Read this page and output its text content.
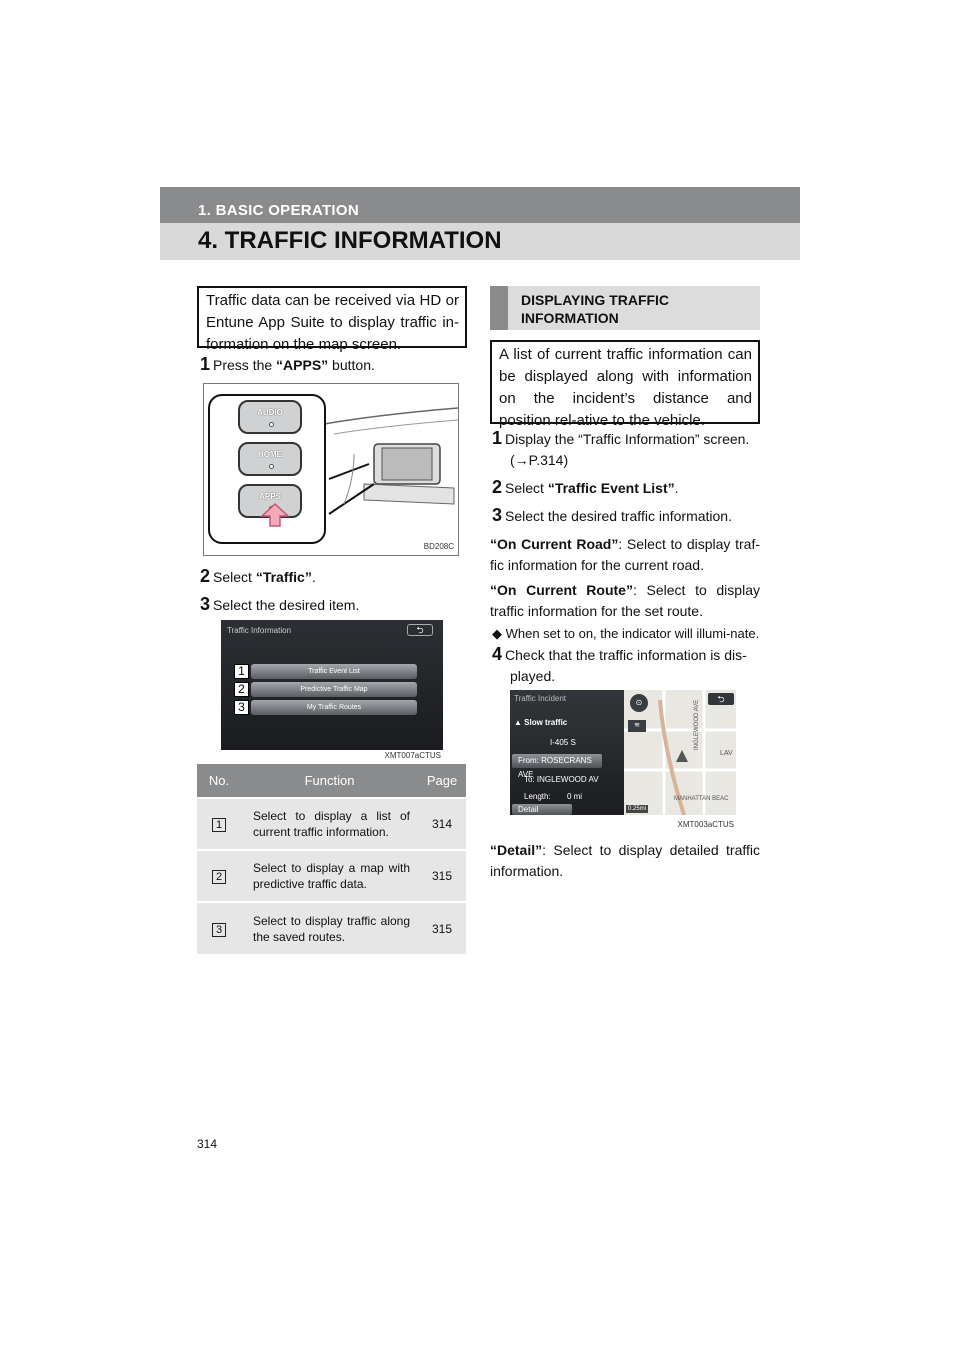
1. BASIC OPERATION
4. TRAFFIC INFORMATION
Traffic data can be received via HD or Entune App Suite to display traffic in-formation on the map screen.
1 Press the “APPS” button.
AUDIO
HOME
APPS
BD208C
2 Select “Traffic”.
3 Select the desired item.
Traffic Information	⮌
1	Traffic Event List
2	Predictive Traffic Map
3	My Traffic Routes
XMT007aCTUS
No.	Function	Page
1	Select to display a list of current traffic information.	314
2	Select to display a map with predictive traffic data.	315
3	Select to display traffic along the saved routes.	315
DISPLAYING TRAFFIC INFORMATION
A list of current traffic information can be displayed along with information on the incident’s distance and position rel-ative to the vehicle.
1 Display the “Traffic Information” screen. (→P.314)
2 Select “Traffic Event List”.
3 Select the desired traffic information.
“On Current Road”: Select to display traf-fic information for the current road.
“On Current Route”: Select to display traffic information for the set route.
◆ When set to on, the indicator will illumi-nate.
4 Check that the traffic information is dis-played.
Traffic Incident
▲ Slow traffic
I-405 S
From: ROSECRANS AVE
To: INGLEWOOD AV
Length: 0 mi
Detail
⊙	⮌
≋	INGLEWOOD AVE
LAV
MANHATTAN BEAC
0.25mi
XMT003aCTUS
“Detail”: Select to display detailed traffic information.
314
